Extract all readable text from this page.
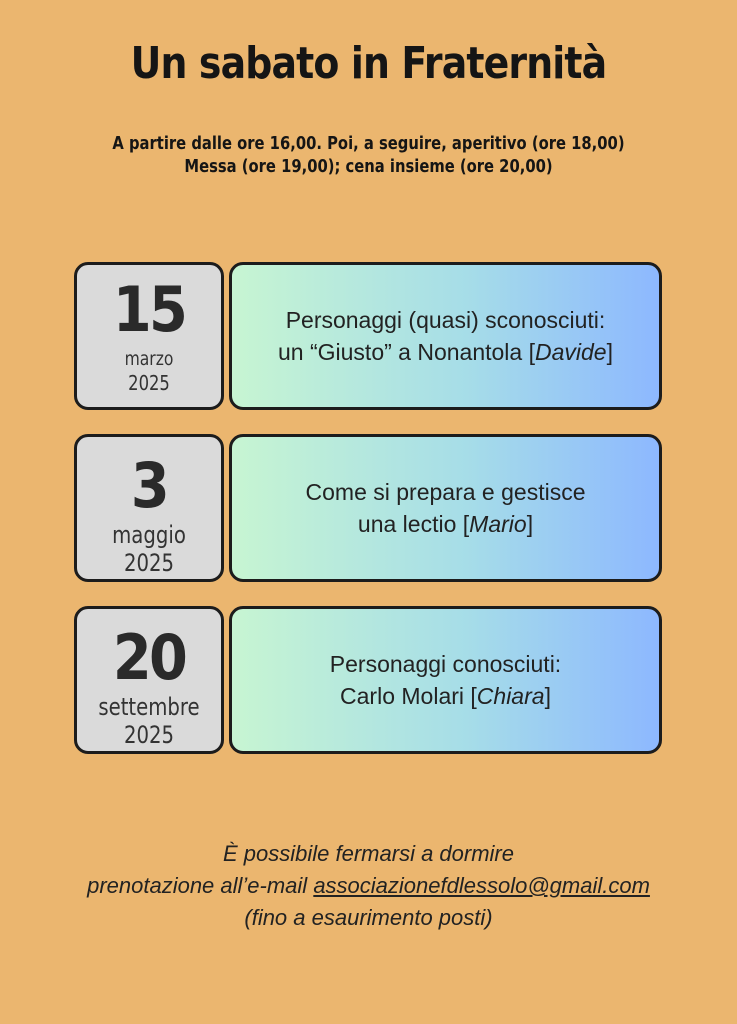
Un sabato in Fraternità
A partire dalle ore 16,00. Poi, a seguire, aperitivo (ore 18,00)
Messa (ore 19,00); cena insieme (ore 20,00)
15
marzo
2025
Personaggi (quasi) sconosciuti:
un “Giusto” a Nonantola [Davide]
3
maggio
2025
Come si prepara e gestisce
una lectio [Mario]
20
settembre
2025
Personaggi conosciuti:
Carlo Molari [Chiara]
È possibile fermarsi a dormire
prenotazione all’e-mail associazionefdlessolo@gmail.com
(fino a esaurimento posti)
